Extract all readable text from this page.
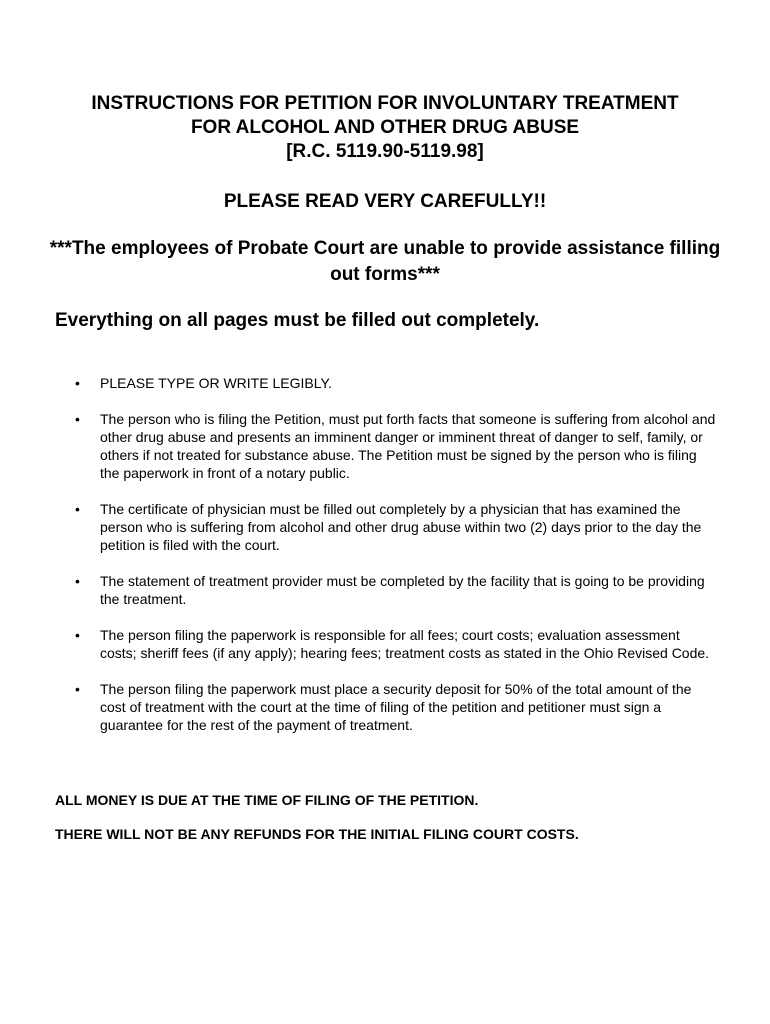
INSTRUCTIONS FOR PETITION FOR INVOLUNTARY TREATMENT
FOR ALCOHOL AND OTHER DRUG ABUSE
[R.C. 5119.90-5119.98]

PLEASE READ VERY CAREFULLY!!

***The employees of Probate Court are unable to provide assistance filling out forms***

Everything on all pages must be filled out completely.

• PLEASE TYPE OR WRITE LEGIBLY.
• The person who is filing the Petition, must put forth facts that someone is suffering from alcohol and other drug abuse and presents an imminent danger or imminent threat of danger to self, family, or others if not treated for substance abuse. The Petition must be signed by the person who is filing the paperwork in front of a notary public.
• The certificate of physician must be filled out completely by a physician that has examined the person who is suffering from alcohol and other drug abuse within two (2) days prior to the day the petition is filed with the court.
• The statement of treatment provider must be completed by the facility that is going to be providing the treatment.
• The person filing the paperwork is responsible for all fees; court costs; evaluation assessment costs; sheriff fees (if any apply); hearing fees; treatment costs as stated in the Ohio Revised Code.
• The person filing the paperwork must place a security deposit for 50% of the total amount of the cost of treatment with the court at the time of filing of the petition and petitioner must sign a guarantee for the rest of the payment of treatment.

ALL MONEY IS DUE AT THE TIME OF FILING OF THE PETITION.

THERE WILL NOT BE ANY REFUNDS FOR THE INITIAL FILING COURT COSTS.
